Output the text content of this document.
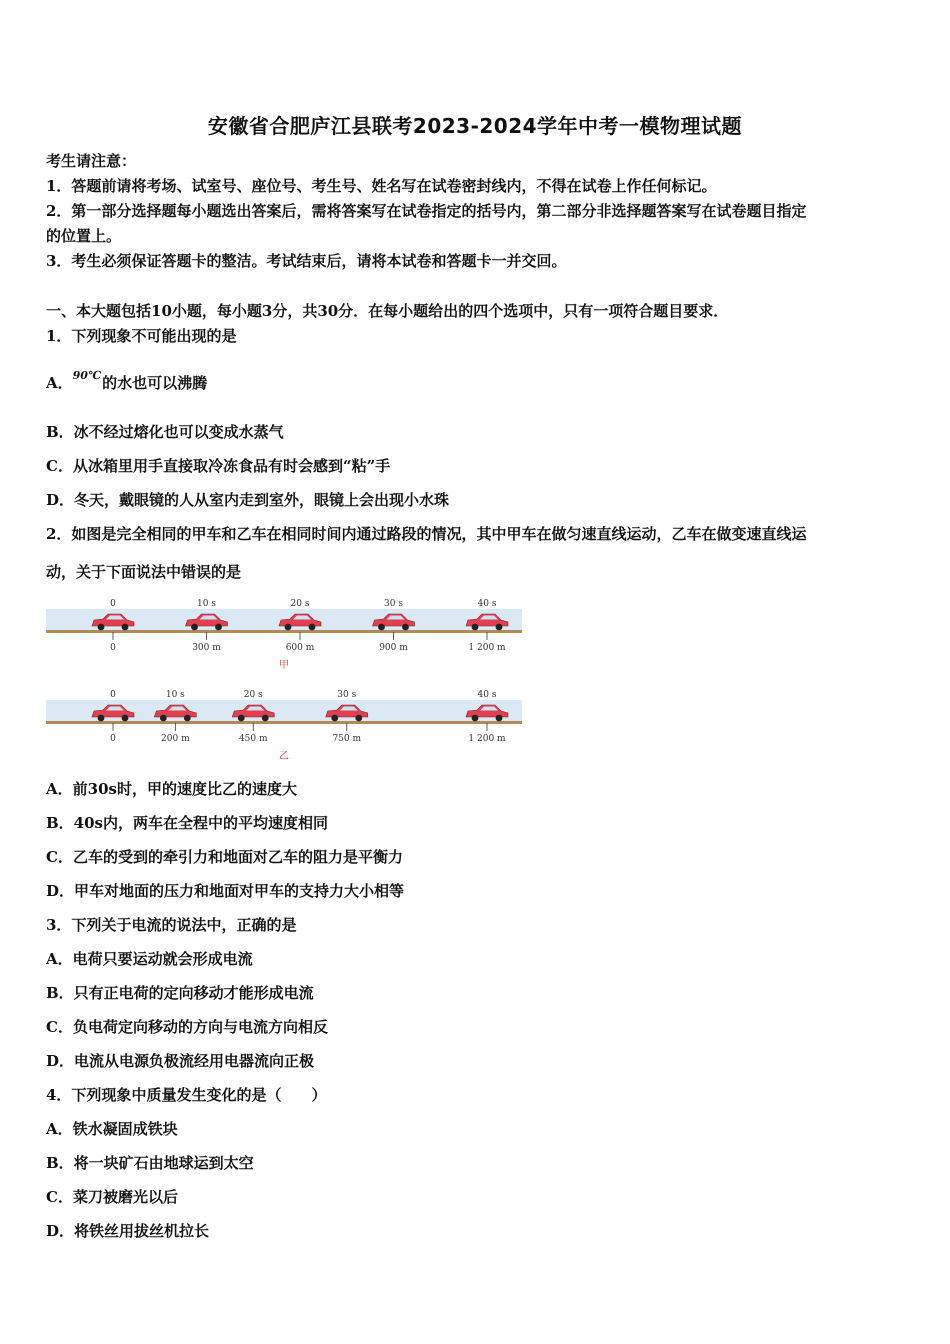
安徽省合肥庐江县联考2023-2024学年中考一模物理试题
考生请注意：
1．答题前请将考场、试室号、座位号、考生号、姓名写在试卷密封线内，不得在试卷上作任何标记。
2．第一部分选择题每小题选出答案后，需将答案写在试卷指定的括号内，第二部分非选择题答案写在试卷题目指定
的位置上。
3．考生必须保证答题卡的整洁。考试结束后，请将本试卷和答题卡一并交回。
一、本大题包括10小题，每小题3分，共30分．在每小题给出的四个选项中，只有一项符合题目要求．
1．下列现象不可能出现的是
A．$^{90℃}$的水也可以沸腾
B．冰不经过熔化也可以变成水蒸气
C．从冰箱里用手直接取冷冻食品有时会感到“粘”手
D．冬天，戴眼镜的人从室内走到室外，眼镜上会出现小水珠
2．如图是完全相同的甲车和乙车在相同时间内通过路段的情况，其中甲车在做匀速直线运动，乙车在做变速直线运
动，关于下面说法中错误的是
0
0
10 s
300 m
20 s
600 m
30 s
900 m
40 s
1 200 m
甲
0
0
10 s
200 m
20 s
450 m
30 s
750 m
40 s
1 200 m
乙
A．前30s时，甲的速度比乙的速度大
B．40s内，两车在全程中的平均速度相同
C．乙车的受到的牵引力和地面对乙车的阻力是平衡力
D．甲车对地面的压力和地面对甲车的支持力大小相等
3．下列关于电流的说法中，正确的是
A．电荷只要运动就会形成电流
B．只有正电荷的定向移动才能形成电流
C．负电荷定向移动的方向与电流方向相反
D．电流从电源负极流经用电器流向正极
4．下列现象中质量发生变化的是（　　）
A．铁水凝固成铁块
B．将一块矿石由地球运到太空
C．菜刀被磨光以后
D．将铁丝用拔丝机拉长
